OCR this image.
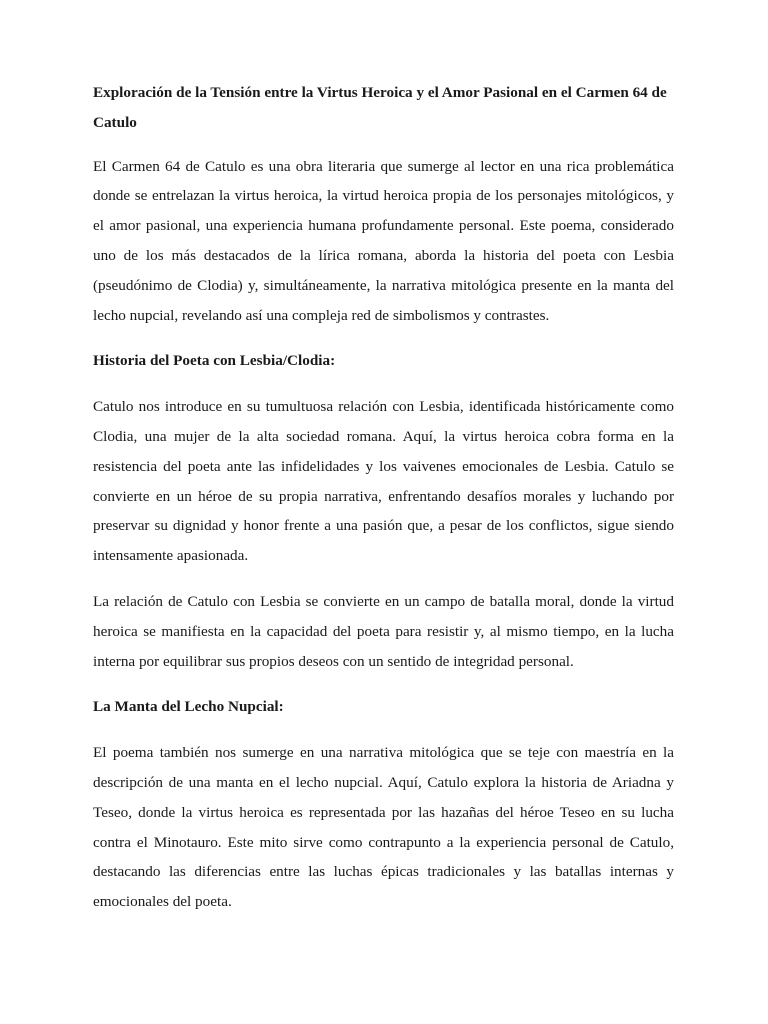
Exploración de la Tensión entre la Virtus Heroica y el Amor Pasional en el Carmen 64 de Catulo

El Carmen 64 de Catulo es una obra literaria que sumerge al lector en una rica problemática donde se entrelazan la virtus heroica, la virtud heroica propia de los personajes mitológicos, y el amor pasional, una experiencia humana profundamente personal. Este poema, considerado uno de los más destacados de la lírica romana, aborda la historia del poeta con Lesbia (pseudónimo de Clodia) y, simultáneamente, la narrativa mitológica presente en la manta del lecho nupcial, revelando así una compleja red de simbolismos y contrastes.

Historia del Poeta con Lesbia/Clodia:

Catulo nos introduce en su tumultuosa relación con Lesbia, identificada históricamente como Clodia, una mujer de la alta sociedad romana. Aquí, la virtus heroica cobra forma en la resistencia del poeta ante las infidelidades y los vaivenes emocionales de Lesbia. Catulo se convierte en un héroe de su propia narrativa, enfrentando desafíos morales y luchando por preservar su dignidad y honor frente a una pasión que, a pesar de los conflictos, sigue siendo intensamente apasionada.

La relación de Catulo con Lesbia se convierte en un campo de batalla moral, donde la virtud heroica se manifiesta en la capacidad del poeta para resistir y, al mismo tiempo, en la lucha interna por equilibrar sus propios deseos con un sentido de integridad personal.

La Manta del Lecho Nupcial:

El poema también nos sumerge en una narrativa mitológica que se teje con maestría en la descripción de una manta en el lecho nupcial. Aquí, Catulo explora la historia de Ariadna y Teseo, donde la virtus heroica es representada por las hazañas del héroe Teseo en su lucha contra el Minotauro. Este mito sirve como contrapunto a la experiencia personal de Catulo, destacando las diferencias entre las luchas épicas tradicionales y las batallas internas y emocionales del poeta.
